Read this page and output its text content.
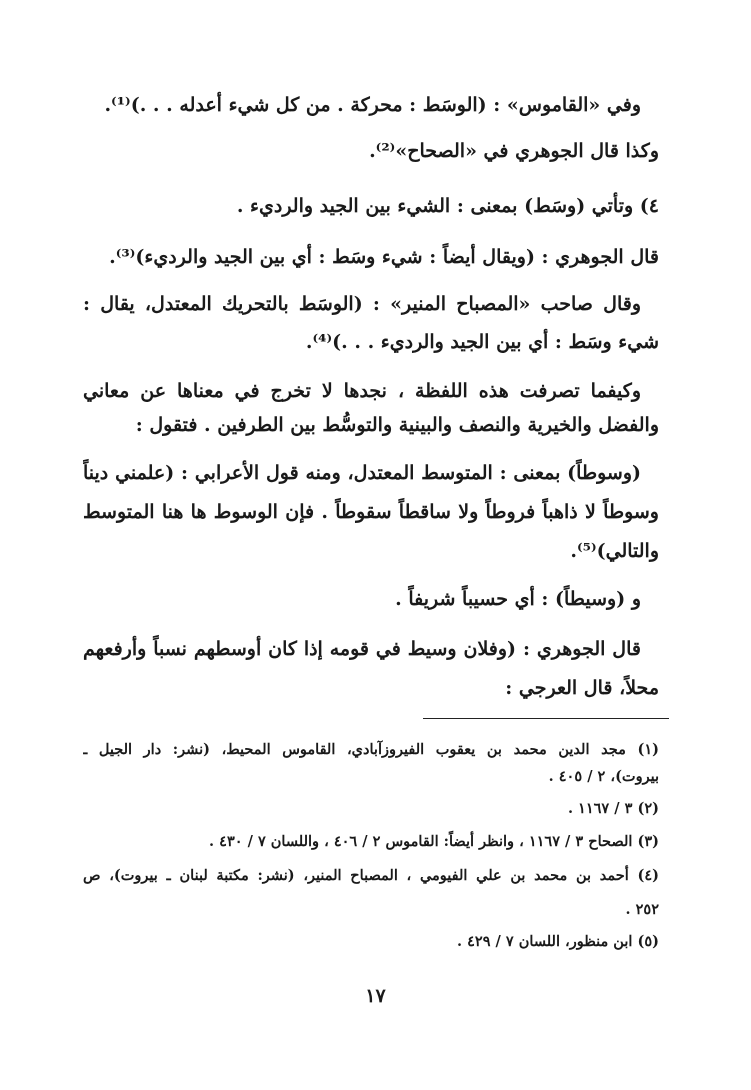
وفي «القاموس» : (الوسَط : محركة . من كل شيء أعدله . . .)⁽¹⁾.
وكذا قال الجوهري في «الصحاح»⁽²⁾.
٤) وتأتي (وسَط) بمعنى : الشيء بين الجيد والرديء .
قال الجوهري : (ويقال أيضاً : شيء وسَط : أي بين الجيد والرديء)⁽³⁾.
وقال صاحب «المصباح المنير» : (الوسَط بالتحريك المعتدل، يقال :
شيء وسَط : أي بين الجيد والرديء . . .)⁽⁴⁾.
وكيفما تصرفت هذه اللفظة ، نجدها لا تخرج في معناها عن معاني
والفضل والخيرية والنصف والبينية والتوسُّط بين الطرفين . فتقول :
(وسوطاً) بمعنى : المتوسط المعتدل، ومنه قول الأعرابي : (علمني ديناً
وسوطاً لا ذاهباً فروطاً ولا ساقطاً سقوطاً . فإن الوسوط ها هنا المتوسط
والتالي)⁽⁵⁾.
و (وسيطاً) : أي حسيباً شريفاً .
قال الجوهري : (وفلان وسيط في قومه إذا كان أوسطهم نسباً وأرفعهم
محلاً، قال العرجي :
(١) مجد الدين محمد بن يعقوب الفيروزآبادي، القاموس المحيط، (نشر: دار الجيل ـ
بيروت)، ٢ / ٤٠٥ .
(٢) ٣ / ١١٦٧ .
(٣) الصحاح ٣ / ١١٦٧ ، وانظر أيضاً: القاموس ٢ / ٤٠٦ ، واللسان ٧ / ٤٣٠ .
(٤) أحمد بن محمد بن علي الفيومي ، المصباح المنير، (نشر: مكتبة لبنان ـ بيروت)، ص
٢٥٢ .
(٥) ابن منظور، اللسان ٧ / ٤٢٩ .
١٧
